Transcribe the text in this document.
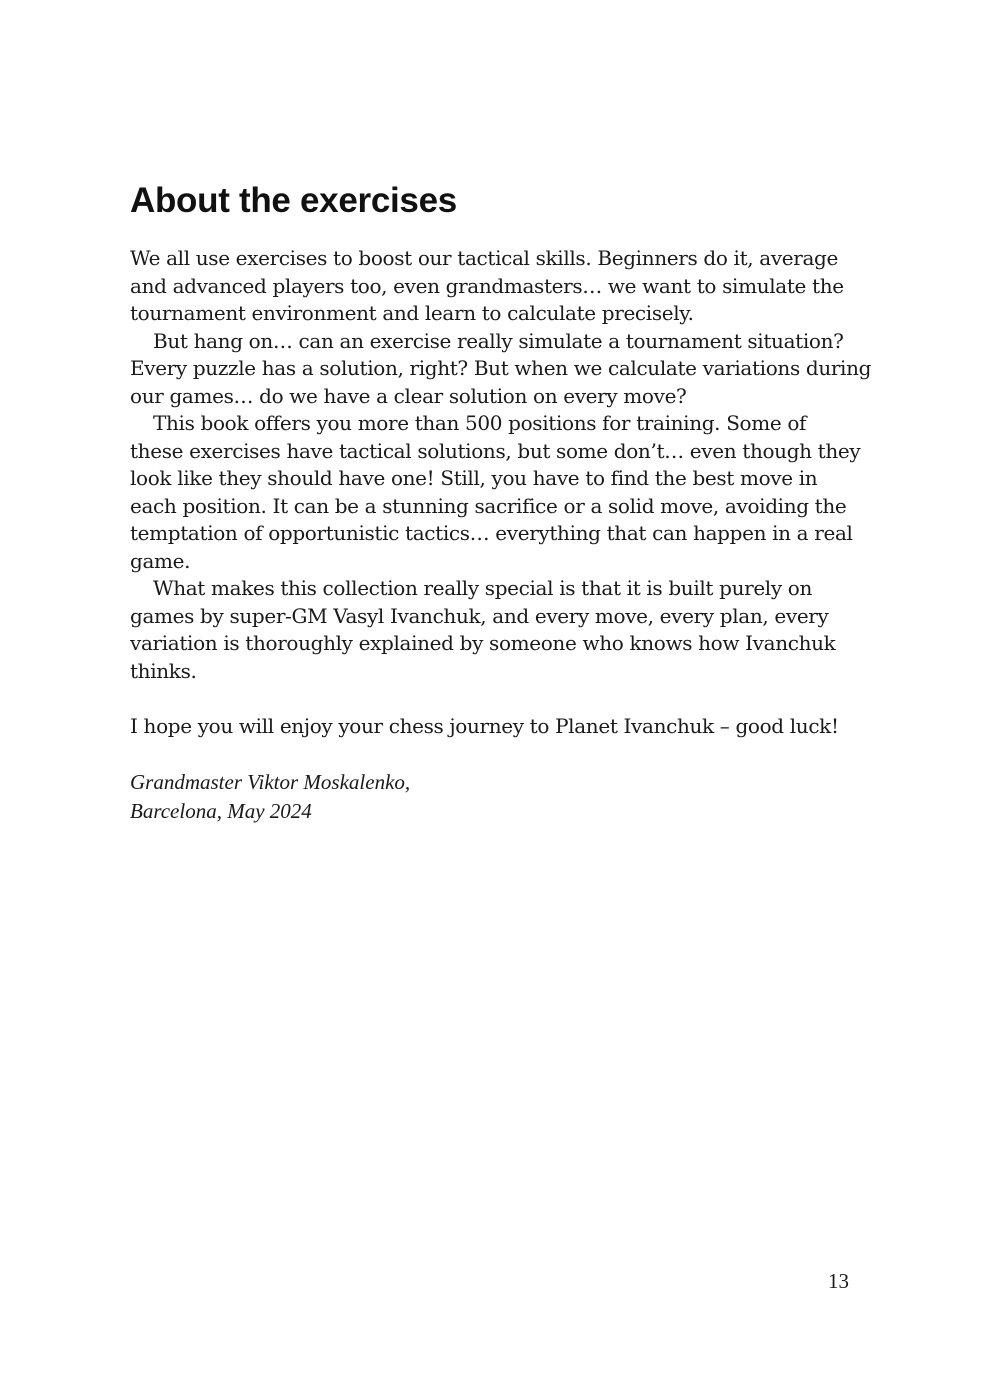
About the exercises
We all use exercises to boost our tactical skills. Beginners do it, average
and advanced players too, even grandmasters… we want to simulate the
tournament environment and learn to calculate precisely.
But hang on… can an exercise really simulate a tournament situation?
Every puzzle has a solution, right? But when we calculate variations during
our games… do we have a clear solution on every move?
This book offers you more than 500 positions for training. Some of
these exercises have tactical solutions, but some don’t… even though they
look like they should have one! Still, you have to find the best move in
each position. It can be a stunning sacrifice or a solid move, avoiding the
temptation of opportunistic tactics… everything that can happen in a real
game.
What makes this collection really special is that it is built purely on
games by super-GM Vasyl Ivanchuk, and every move, every plan, every
variation is thoroughly explained by someone who knows how Ivanchuk
thinks.
I hope you will enjoy your chess journey to Planet Ivanchuk – good luck!
Grandmaster Viktor Moskalenko,
Barcelona, May 2024
13
